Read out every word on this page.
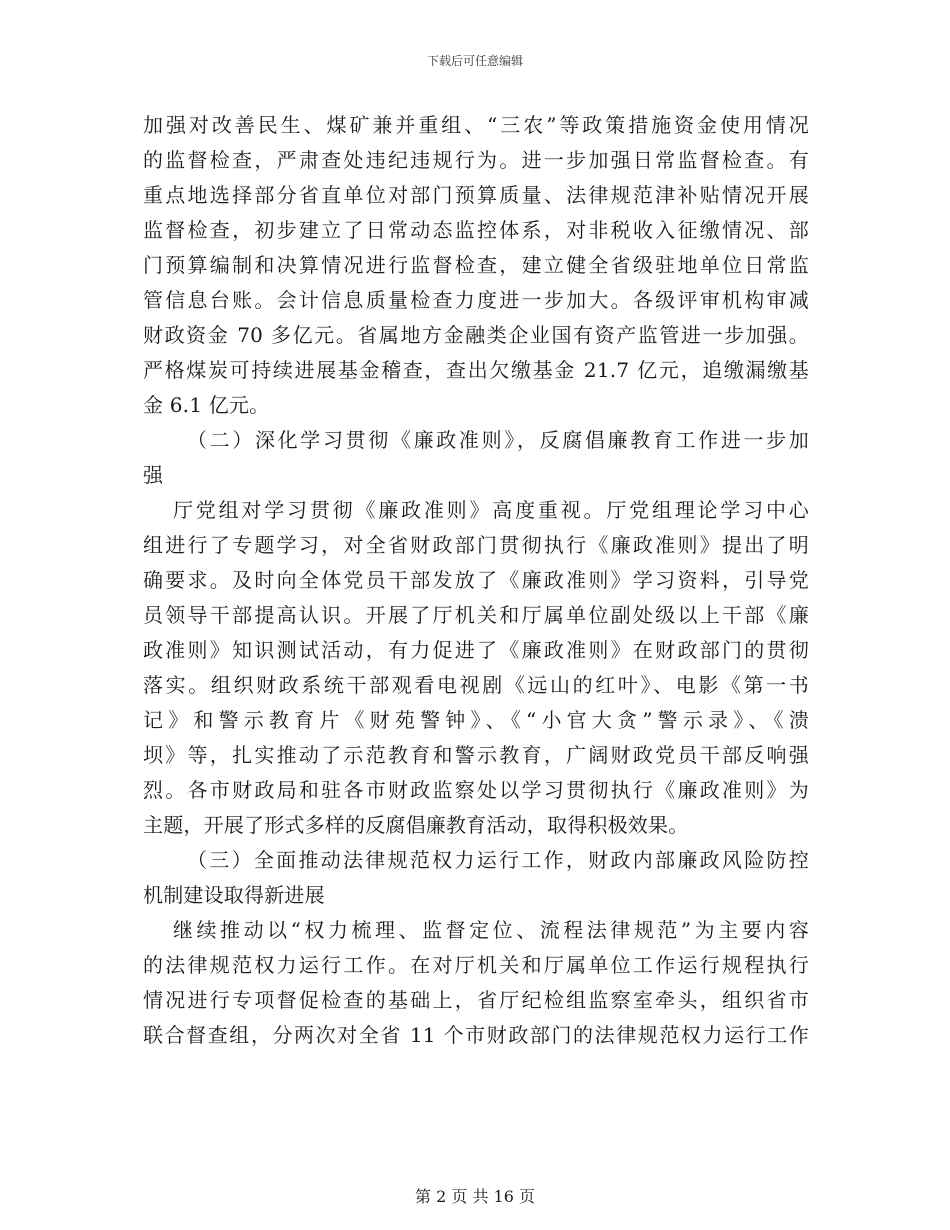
下载后可任意编辑
加强对改善民生、煤矿兼并重组、“三农”等政策措施资金使用情况
的监督检查，严肃查处违纪违规行为。进一步加强日常监督检查。有
重点地选择部分省直单位对部门预算质量、法律规范津补贴情况开展
监督检查，初步建立了日常动态监控体系，对非税收入征缴情况、部
门预算编制和决算情况进行监督检查，建立健全省级驻地单位日常监
管信息台账。会计信息质量检查力度进一步加大。各级评审机构审减
财政资金 70 多亿元。省属地方金融类企业国有资产监管进一步加强。
严格煤炭可持续进展基金稽查，查出欠缴基金 21.7 亿元，追缴漏缴基
金 6.1 亿元。
（二）深化学习贯彻《廉政准则》，反腐倡廉教育工作进一步加
强
厅党组对学习贯彻《廉政准则》高度重视。厅党组理论学习中心
组进行了专题学习，对全省财政部门贯彻执行《廉政准则》提出了明
确要求。及时向全体党员干部发放了《廉政准则》学习资料，引导党
员领导干部提高认识。开展了厅机关和厅属单位副处级以上干部《廉
政准则》知识测试活动，有力促进了《廉政准则》在财政部门的贯彻
落实。组织财政系统干部观看电视剧《远山的红叶》、电影《第一书
记》和警示教育片《财苑警钟》、《“小官大贪”警示录》、《溃
坝》等，扎实推动了示范教育和警示教育，广阔财政党员干部反响强
烈。各市财政局和驻各市财政监察处以学习贯彻执行《廉政准则》为
主题，开展了形式多样的反腐倡廉教育活动，取得积极效果。
（三）全面推动法律规范权力运行工作，财政内部廉政风险防控
机制建设取得新进展
继续推动以“权力梳理、监督定位、流程法律规范”为主要内容
的法律规范权力运行工作。在对厅机关和厅属单位工作运行规程执行
情况进行专项督促检查的基础上，省厅纪检组监察室牵头，组织省市
联合督查组，分两次对全省 11 个市财政部门的法律规范权力运行工作
第 2 页 共 16 页
